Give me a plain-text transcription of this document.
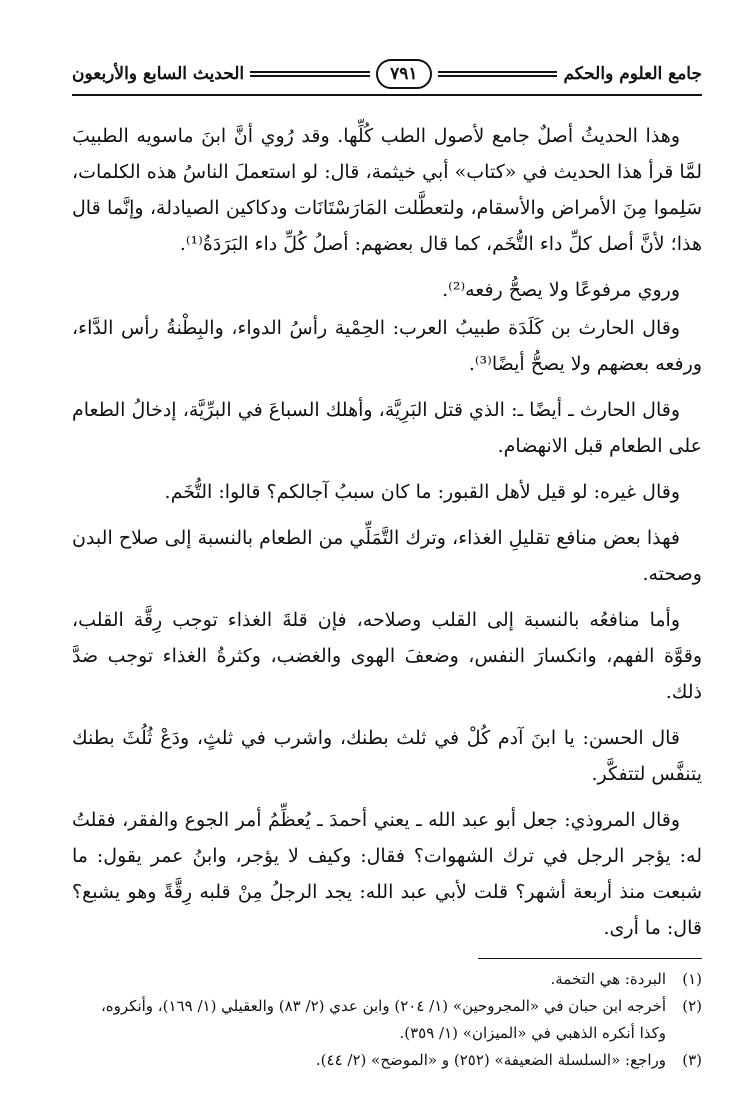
جامع العلوم والحكم
٧٩١
الحديث السابع والأربعون

وهذا الحديثُ أصلٌ جامع لأصول الطب كُلِّها. وقد رُوي أنَّ ابنَ ماسويه الطبيبَ لمَّا قرأ هذا الحديث في «كتاب» أبي خيثمة، قال: لو استعملَ الناسُ هذه الكلمات، سَلِموا مِنَ الأمراض والأسقام، ولتعطَّلت المَارَسْتَانَات ودكاكين الصيادلة، وإنَّما قال هذا؛ لأنَّ أصل كلِّ داء التُّخَم، كما قال بعضهم: أصلُ كُلِّ داء البَرَدَةُ⁽¹⁾.

وروي مرفوعًا ولا يصحُّ رفعه⁽²⁾.

وقال الحارث بن كَلَدَة طبيبُ العرب: الحِمْية رأسُ الدواء، والبِطْنةُ رأس الدَّاء، ورفعه بعضهم ولا يصحُّ أيضًا⁽³⁾.

وقال الحارث ـ أيضًا ـ: الذي قتل البَرِيَّة، وأهلك السباعَ في البرِّيَّة، إدخالُ الطعام على الطعام قبل الانهضام.

وقال غيره: لو قيل لأهل القبور: ما كان سببُ آجالكم؟ قالوا: التُّخَم.

فهذا بعض منافع تقليلِ الغذاء، وترك التَّمَلِّي من الطعام بالنسبة إلى صلاح البدن وصحته.

وأما منافعُه بالنسبة إلى القلب وصلاحه، فإن قلةَ الغذاء توجب رِقَّة القلب، وقوَّة الفهم، وانكسارَ النفس، وضعفَ الهوى والغضب، وكثرةُ الغذاء توجب ضدَّ ذلك.

قال الحسن: يا ابنَ آدم كُلْ في ثلث بطنك، واشرب في ثلثٍ، ودَعْ ثُلُثَ بطنك يتنفَّس لتتفكَّر.

وقال المروذي: جعل أبو عبد الله ـ يعني أحمدَ ـ يُعظِّمُ أمر الجوع والفقر، فقلتُ له: يؤجر الرجل في ترك الشهوات؟ فقال: وكيف لا يؤجر، وابنُ عمر يقول: ما شبعت منذ أربعة أشهر؟ قلت لأبي عبد الله: يجد الرجلُ مِنْ قلبه رِقَّةً وهو يشبع؟ قال: ما أرى.

(١)
البردة: هي التخمة.
(٢)
أخرجه ابن حبان في «المجروحين» (١/ ٢٠٤) وابن عدي (٢/ ٨٣) والعقيلي (١/ ١٦٩)، وأنكروه، وكذا أنكره الذهبي في «الميزان» (١/ ٣٥٩).
(٣)
وراجع: «السلسلة الضعيفة» (٢٥٢) و «الموضح» (٢/ ٤٤).
